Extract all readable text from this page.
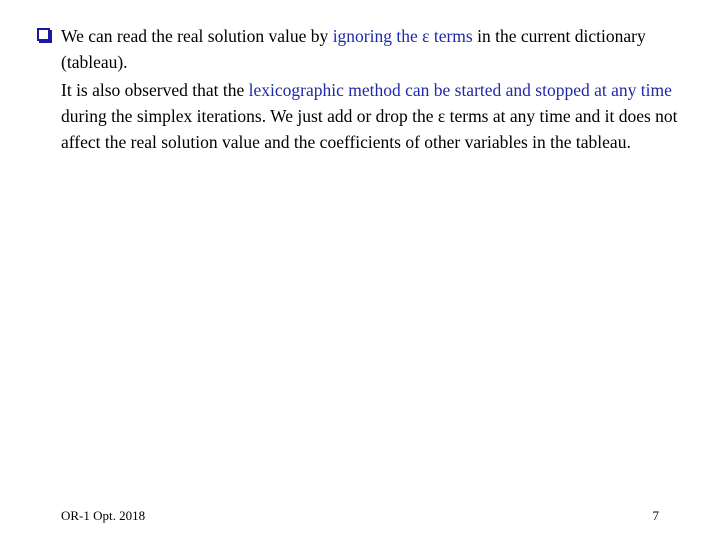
We can read the real solution value by ignoring the ε terms in the current dictionary (tableau).

It is also observed that the lexicographic method can be started and stopped at any time during the simplex iterations. We just add or drop the ε terms at any time and it does not affect the real solution value and the coefficients of other variables in the tableau.

OR-1 Opt. 2018	7
